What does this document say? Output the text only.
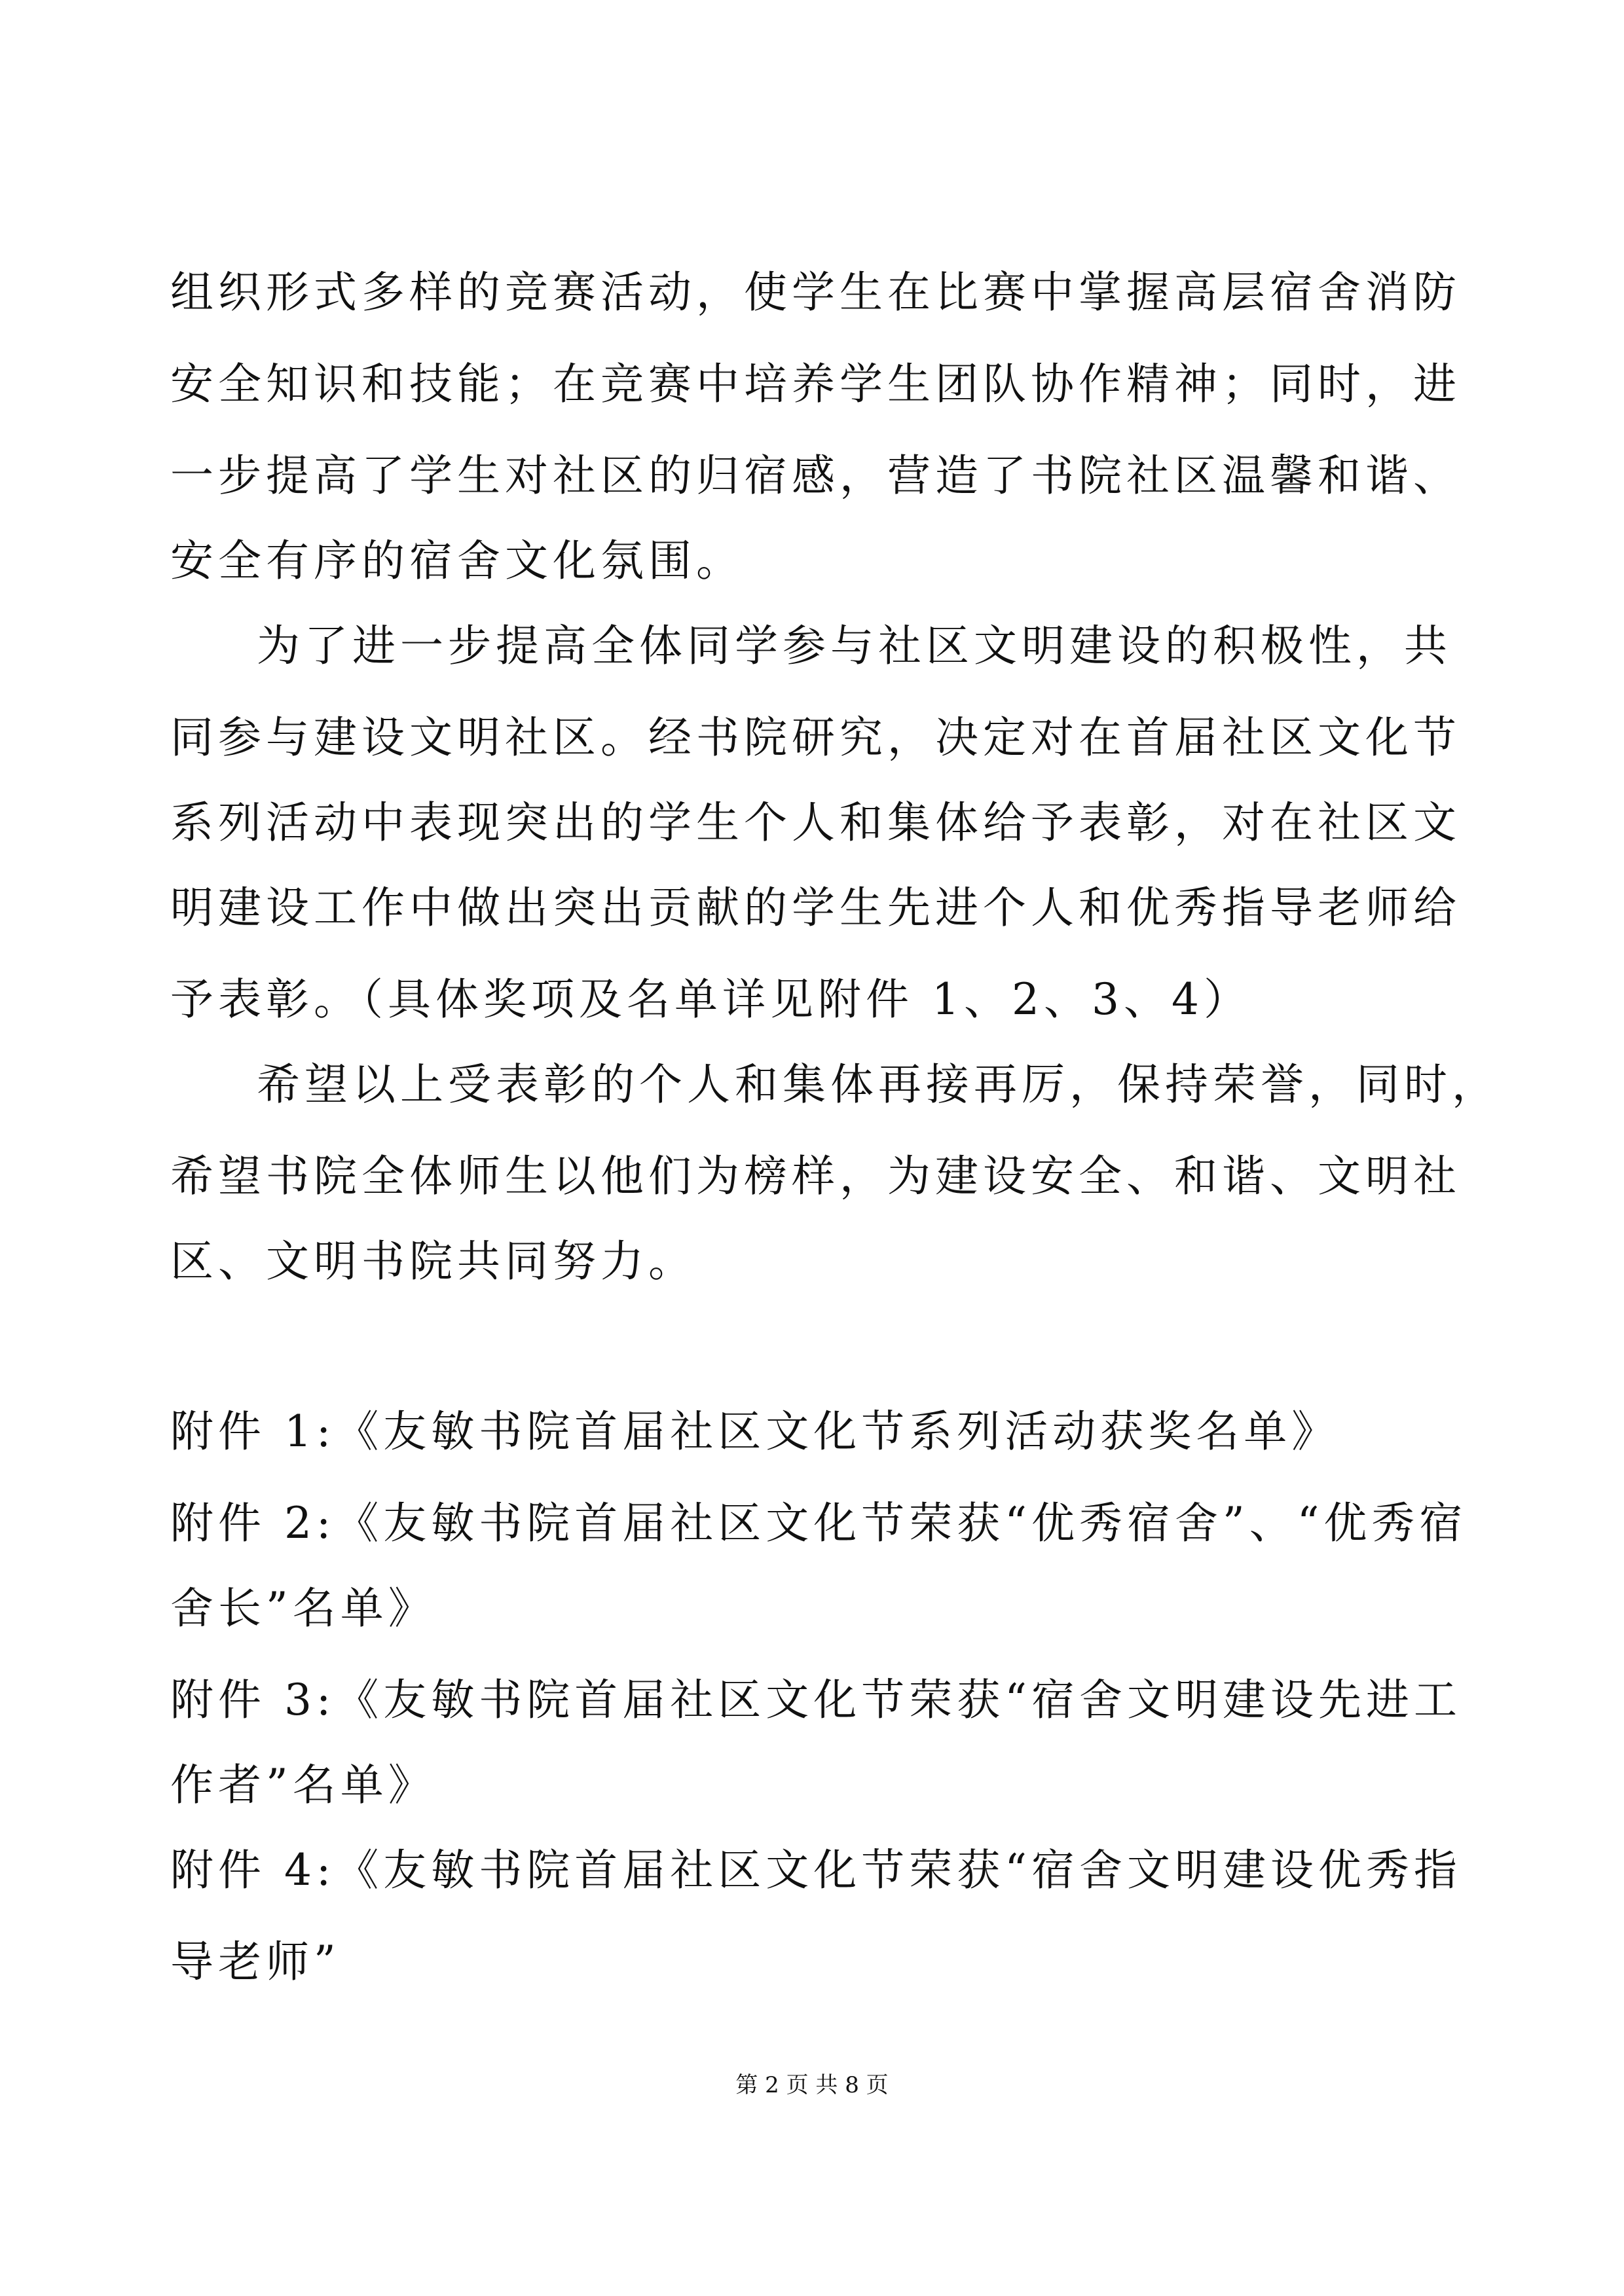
组织形式多样的竞赛活动，使学生在比赛中掌握高层宿舍消防
安全知识和技能；在竞赛中培养学生团队协作精神；同时，进
一步提高了学生对社区的归宿感，营造了书院社区温馨和谐、
安全有序的宿舍文化氛围。
为了进一步提高全体同学参与社区文明建设的积极性，共
同参与建设文明社区。经书院研究，决定对在首届社区文化节
系列活动中表现突出的学生个人和集体给予表彰，对在社区文
明建设工作中做出突出贡献的学生先进个人和优秀指导老师给
予表彰。（具体奖项及名单详见附件 1、2、3、4）
希望以上受表彰的个人和集体再接再厉，保持荣誉，同时，
希望书院全体师生以他们为榜样，为建设安全、和谐、文明社
区、文明书院共同努力。
附件 1:《友敏书院首届社区文化节系列活动获奖名单》
附件 2:《友敏书院首届社区文化节荣获“优秀宿舍”、“优秀宿
舍长”名单》
附件 3:《友敏书院首届社区文化节荣获“宿舍文明建设先进工
作者”名单》
附件 4:《友敏书院首届社区文化节荣获“宿舍文明建设优秀指
导老师”
第 2 页 共 8 页
